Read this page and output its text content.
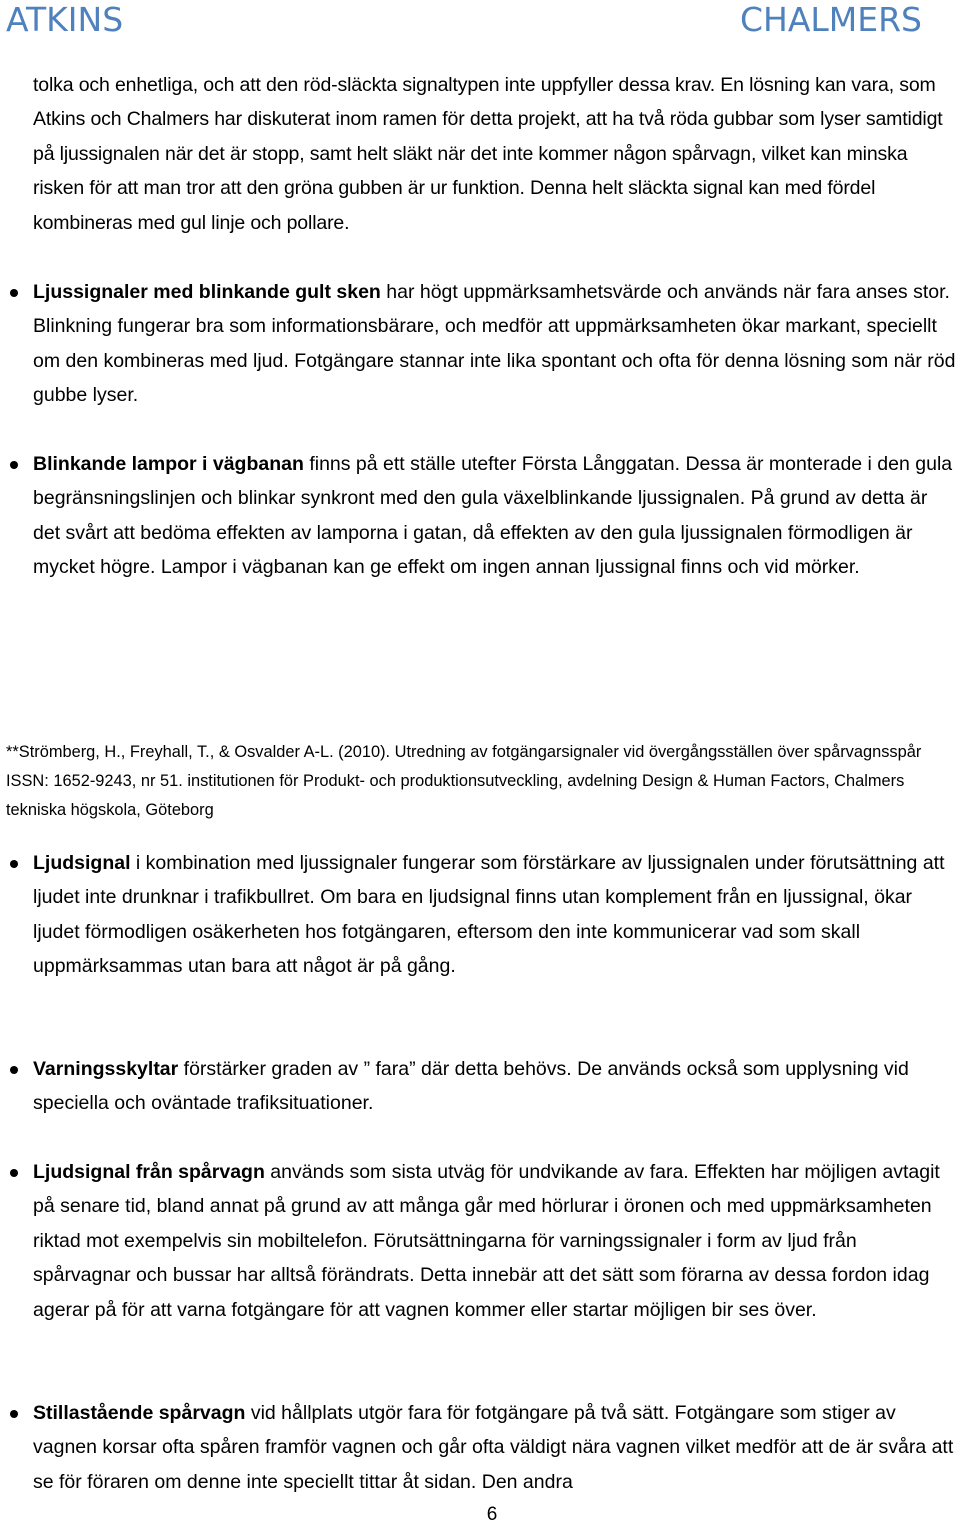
ATKINS	CHALMERS
tolka och enhetliga, och att den röd-släckta signaltypen inte uppfyller dessa krav. En lösning kan vara, som Atkins och Chalmers har diskuterat inom ramen för detta projekt, att ha två röda gubbar som lyser samtidigt på ljussignalen när det är stopp, samt helt släkt när det inte kommer någon spårvagn, vilket kan minska risken för att man tror att den gröna gubben är ur funktion. Denna helt släckta signal kan med fördel kombineras med gul linje och pollare.
Ljussignaler med blinkande gult sken har högt uppmärksamhetsvärde och används när fara anses stor. Blinkning fungerar bra som informationsbärare, och medför att uppmärksamheten ökar markant, speciellt om den kombineras med ljud. Fotgängare stannar inte lika spontant och ofta för denna lösning som när röd gubbe lyser.
Blinkande lampor i vägbanan finns på ett ställe utefter Första Långgatan. Dessa är monterade i den gula begränsningslinjen och blinkar synkront med den gula växelblinkande ljussignalen. På grund av detta är det svårt att bedöma effekten av lamporna i gatan, då effekten av den gula ljussignalen förmodligen är mycket högre. Lampor i vägbanan kan ge effekt om ingen annan ljussignal finns och vid mörker.
**Strömberg, H., Freyhall, T., & Osvalder A-L. (2010). Utredning av fotgängarsignaler vid övergångsställen över spårvagnsspår ISSN: 1652-9243, nr 51. institutionen för Produkt- och produktionsutveckling, avdelning Design & Human Factors, Chalmers tekniska högskola, Göteborg
Ljudsignal i kombination med ljussignaler fungerar som förstärkare av ljussignalen under förutsättning att ljudet inte drunknar i trafikbullret. Om bara en ljudsignal finns utan komplement från en ljussignal, ökar ljudet förmodligen osäkerheten hos fotgängaren, eftersom den inte kommunicerar vad som skall uppmärksammas utan bara att något är på gång.
Varningsskyltar förstärker graden av ” fara” där detta behövs. De används också som upplysning vid speciella och oväntade trafiksituationer.
Ljudsignal från spårvagn används som sista utväg för undvikande av fara. Effekten har möjligen avtagit på senare tid, bland annat på grund av att många går med hörlurar i öronen och med uppmärksamheten riktad mot exempelvis sin mobiltelefon. Förutsättningarna för varningssignaler i form av ljud från spårvagnar och bussar har alltså förändrats. Detta innebär att det sätt som förarna av dessa fordon idag agerar på för att varna fotgängare för att vagnen kommer eller startar möjligen bir ses över.
Stillastående spårvagn vid hållplats utgör fara för fotgängare på två sätt. Fotgängare som stiger av vagnen korsar ofta spåren framför vagnen och går ofta väldigt nära vagnen vilket medför att de är svåra att se för föraren om denne inte speciellt tittar åt sidan. Den andra
6
